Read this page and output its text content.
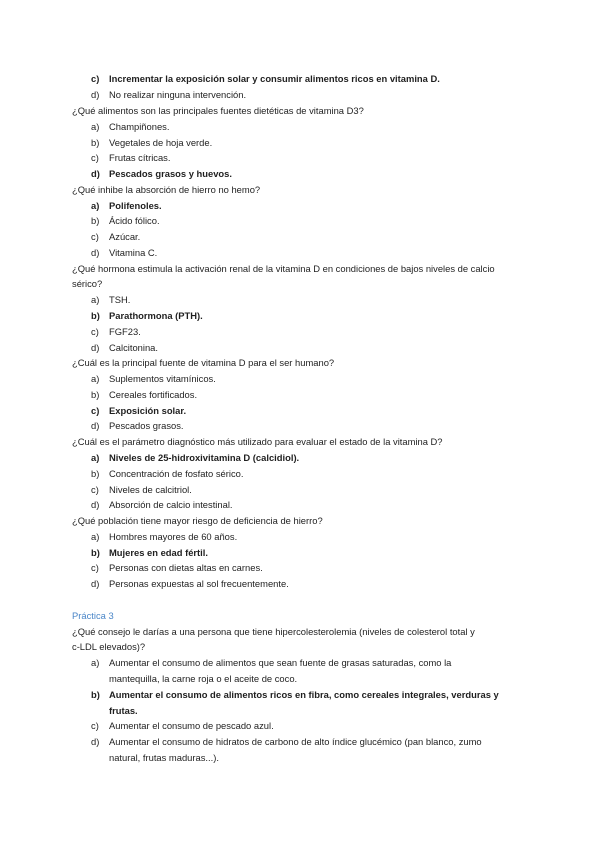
c) Incrementar la exposición solar y consumir alimentos ricos en vitamina D.
d) No realizar ninguna intervención.
¿Qué alimentos son las principales fuentes dietéticas de vitamina D3?
a) Champiñones.
b) Vegetales de hoja verde.
c) Frutas cítricas.
d) Pescados grasos y huevos.
¿Qué inhibe la absorción de hierro no hemo?
a) Polifenoles.
b) Ácido fólico.
c) Azúcar.
d) Vitamina C.
¿Qué hormona estimula la activación renal de la vitamina D en condiciones de bajos niveles de calcio
sérico?
a) TSH.
b) Parathormona (PTH).
c) FGF23.
d) Calcitonina.
¿Cuál es la principal fuente de vitamina D para el ser humano?
a) Suplementos vitamínicos.
b) Cereales fortificados.
c) Exposición solar.
d) Pescados grasos.
¿Cuál es el parámetro diagnóstico más utilizado para evaluar el estado de la vitamina D?
a) Niveles de 25-hidroxivitamina D (calcidiol).
b) Concentración de fosfato sérico.
c) Niveles de calcitriol.
d) Absorción de calcio intestinal.
¿Qué población tiene mayor riesgo de deficiencia de hierro?
a) Hombres mayores de 60 años.
b) Mujeres en edad fértil.
c) Personas con dietas altas en carnes.
d) Personas expuestas al sol frecuentemente.
Práctica 3
¿Qué consejo le darías a una persona que tiene hipercolesterolemia (niveles de colesterol total y
c-LDL elevados)?
a) Aumentar el consumo de alimentos que sean fuente de grasas saturadas, como la
mantequilla, la carne roja o el aceite de coco.
b) Aumentar el consumo de alimentos ricos en fibra, como cereales integrales, verduras y
frutas.
c) Aumentar el consumo de pescado azul.
d) Aumentar el consumo de hidratos de carbono de alto índice glucémico (pan blanco, zumo
natural, frutas maduras...).
